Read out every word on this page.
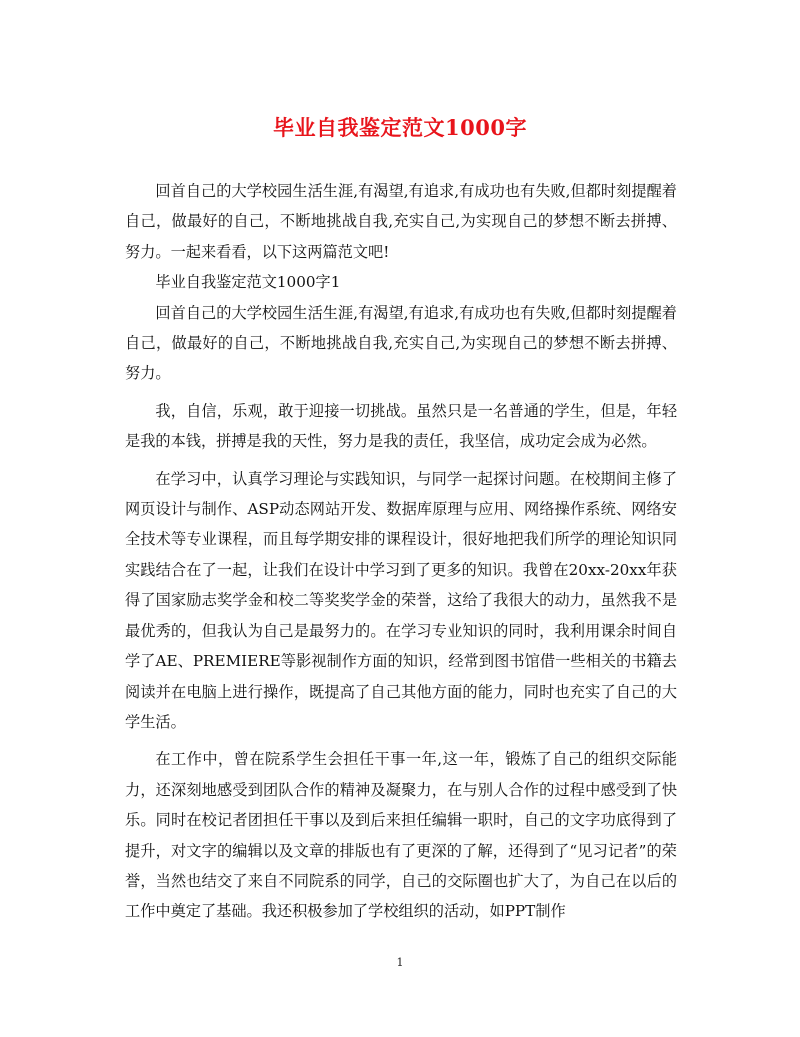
毕业自我鉴定范文1000字

回首自己的大学校园生活生涯,有渴望,有追求,有成功也有失败,但都时刻提醒着自己，做最好的自己，不断地挑战自我,充实自己,为实现自己的梦想不断去拼搏、努力。一起来看看，以下这两篇范文吧!

毕业自我鉴定范文1000字1

回首自己的大学校园生活生涯,有渴望,有追求,有成功也有失败,但都时刻提醒着自己，做最好的自己，不断地挑战自我,充实自己,为实现自己的梦想不断去拼搏、努力。

我，自信，乐观，敢于迎接一切挑战。虽然只是一名普通的学生，但是，年轻是我的本钱，拼搏是我的天性，努力是我的责任，我坚信，成功定会成为必然。

在学习中，认真学习理论与实践知识，与同学一起探讨问题。在校期间主修了网页设计与制作、ASP动态网站开发、数据库原理与应用、网络操作系统、网络安全技术等专业课程，而且每学期安排的课程设计，很好地把我们所学的理论知识同实践结合在了一起，让我们在设计中学习到了更多的知识。我曾在20xx-20xx年获得了国家励志奖学金和校二等奖奖学金的荣誉，这给了我很大的动力，虽然我不是最优秀的，但我认为自己是最努力的。在学习专业知识的同时，我利用课余时间自学了AE、PREMIERE等影视制作方面的知识，经常到图书馆借一些相关的书籍去阅读并在电脑上进行操作，既提高了自己其他方面的能力，同时也充实了自己的大学生活。

在工作中，曾在院系学生会担任干事一年,这一年，锻炼了自己的组织交际能力，还深刻地感受到团队合作的精神及凝聚力，在与别人合作的过程中感受到了快乐。同时在校记者团担任干事以及到后来担任编辑一职时，自己的文字功底得到了提升，对文字的编辑以及文章的排版也有了更深的了解，还得到了“见习记者”的荣誉，当然也结交了来自不同院系的同学，自己的交际圈也扩大了，为自己在以后的工作中奠定了基础。我还积极参加了学校组织的活动，如PPT制作

1
